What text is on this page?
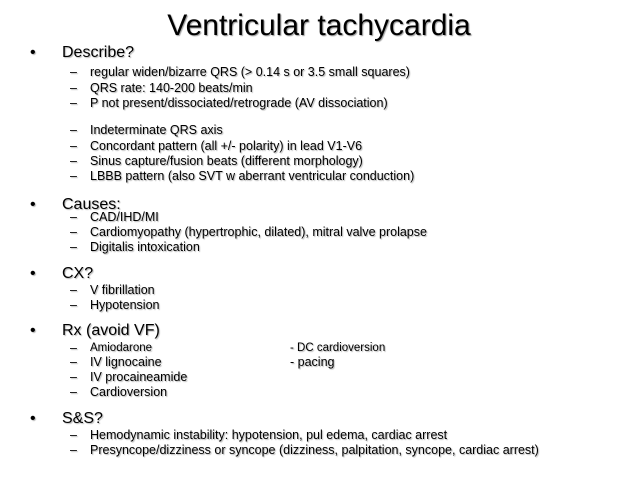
Ventricular tachycardia
• Describe?
– regular widen/bizarre QRS (> 0.14 s or 3.5 small squares)
– QRS rate: 140-200 beats/min
– P not present/dissociated/retrograde (AV dissociation)
– Indeterminate QRS axis
– Concordant pattern (all +/- polarity) in lead V1-V6
– Sinus capture/fusion beats (different morphology)
– LBBB pattern (also SVT w aberrant ventricular conduction)
• Causes:
– CAD/IHD/MI
– Cardiomyopathy (hypertrophic, dilated), mitral valve prolapse
– Digitalis intoxication
• CX?
– V fibrillation
– Hypotension
• Rx (avoid VF)
– Amiodarone
– IV lignocaine
– IV procaineamide
– Cardioversion
- DC cardioversion
- pacing
• S&S?
– Hemodynamic instability: hypotension, pul edema, cardiac arrest
– Presyncope/dizziness or syncope (dizziness, palpitation, syncope, cardiac arrest)
